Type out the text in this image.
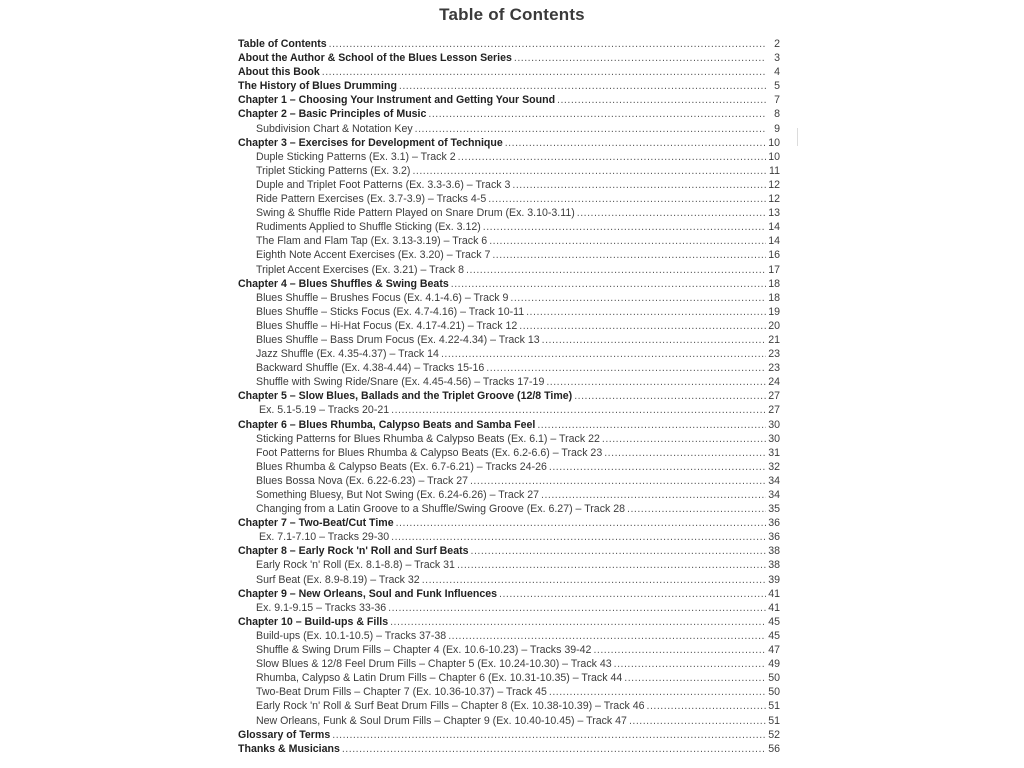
Table of Contents
Table of Contents .....	2
About the Author & School of the Blues Lesson Series .....	3
About this Book .....	4
The History of Blues Drumming .....	5
Chapter 1 – Choosing Your Instrument and Getting Your Sound .....	7
Chapter 2 – Basic Principles of Music .....	8
Subdivision Chart & Notation Key .....	9
Chapter 3 – Exercises for Development of Technique .....	10
Duple Sticking Patterns (Ex. 3.1) – Track 2 .....	10
Triplet Sticking Patterns (Ex. 3.2) .....	11
Duple and Triplet Foot Patterns (Ex. 3.3-3.6) – Track 3 .....	12
Ride Pattern Exercises (Ex. 3.7-3.9) – Tracks 4-5 .....	12
Swing & Shuffle Ride Pattern Played on Snare Drum (Ex. 3.10-3.11) .....	13
Rudiments Applied to Shuffle Sticking (Ex. 3.12) .....	14
The Flam and Flam Tap (Ex. 3.13-3.19) – Track 6 .....	14
Eighth Note Accent Exercises (Ex. 3.20) – Track 7 .....	16
Triplet Accent Exercises (Ex. 3.21) – Track 8 .....	17
Chapter 4 – Blues Shuffles & Swing Beats .....	18
Blues Shuffle – Brushes Focus (Ex. 4.1-4.6) – Track 9 .....	18
Blues Shuffle – Sticks Focus (Ex. 4.7-4.16) – Track 10-11 .....	19
Blues Shuffle – Hi-Hat Focus (Ex. 4.17-4.21) – Track 12 .....	20
Blues Shuffle – Bass Drum Focus (Ex. 4.22-4.34) – Track 13 .....	21
Jazz Shuffle (Ex. 4.35-4.37) – Track 14 .....	23
Backward Shuffle (Ex. 4.38-4.44) – Tracks 15-16 .....	23
Shuffle with Swing Ride/Snare (Ex. 4.45-4.56) – Tracks 17-19 .....	24
Chapter 5 – Slow Blues, Ballads and the Triplet Groove (12/8 Time) .....	27
Ex. 5.1-5.19 – Tracks 20-21 .....	27
Chapter 6 – Blues Rhumba, Calypso Beats and Samba Feel .....	30
Sticking Patterns for Blues Rhumba & Calypso Beats (Ex. 6.1) – Track 22 .....	30
Foot Patterns for Blues Rhumba & Calypso Beats (Ex. 6.2-6.6) – Track 23 .....	31
Blues Rhumba & Calypso Beats (Ex. 6.7-6.21) – Tracks 24-26 .....	32
Blues Bossa Nova (Ex. 6.22-6.23) – Track 27 .....	34
Something Bluesy, But Not Swing (Ex. 6.24-6.26) – Track 27 .....	34
Changing from a Latin Groove to a Shuffle/Swing Groove (Ex. 6.27) – Track 28 .....	35
Chapter 7 – Two-Beat/Cut Time .....	36
Ex. 7.1-7.10 – Tracks 29-30 .....	36
Chapter 8 – Early Rock 'n' Roll and Surf Beats .....	38
Early Rock 'n' Roll (Ex. 8.1-8.8) – Track 31 .....	38
Surf Beat (Ex. 8.9-8.19) – Track 32 .....	39
Chapter 9 – New Orleans, Soul and Funk Influences .....	41
Ex. 9.1-9.15 – Tracks 33-36 .....	41
Chapter 10 – Build-ups & Fills .....	45
Build-ups (Ex. 10.1-10.5) – Tracks 37-38 .....	45
Shuffle & Swing Drum Fills – Chapter 4 (Ex. 10.6-10.23) – Tracks 39-42 .....	47
Slow Blues & 12/8 Feel Drum Fills – Chapter 5 (Ex. 10.24-10.30) – Track 43 .....	49
Rhumba, Calypso & Latin Drum Fills – Chapter 6 (Ex. 10.31-10.35) – Track 44 .....	50
Two-Beat Drum Fills – Chapter 7 (Ex. 10.36-10.37) – Track 45 .....	50
Early Rock 'n' Roll & Surf Beat Drum Fills – Chapter 8 (Ex. 10.38-10.39) – Track 46 .....	51
New Orleans, Funk & Soul Drum Fills – Chapter 9 (Ex. 10.40-10.45) – Track 47 .....	51
Glossary of Terms .....	52
Thanks & Musicians .....	56
